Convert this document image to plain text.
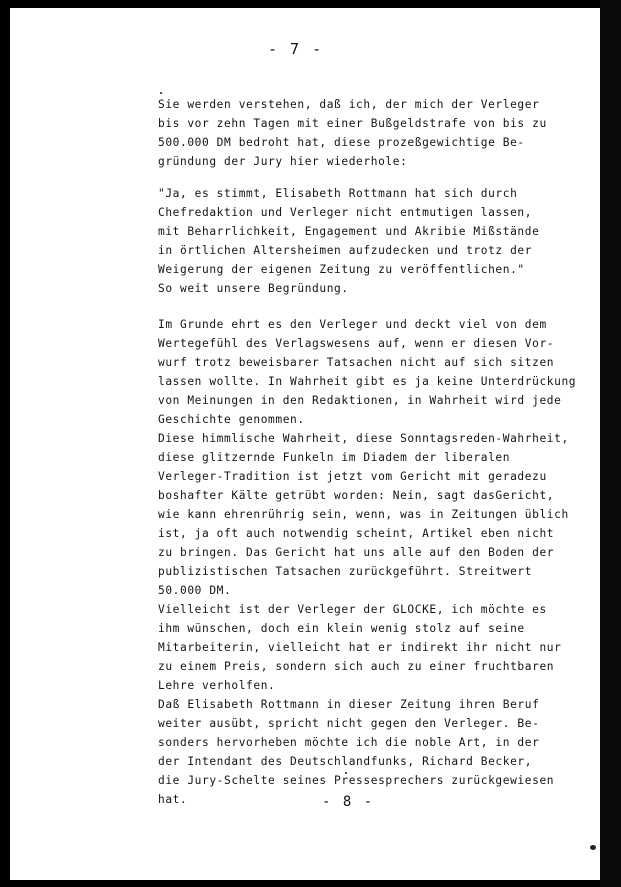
- 7 -
Sie werden verstehen, daß ich, der mich der Verleger
bis vor zehn Tagen mit einer Bußgeldstrafe von bis zu
500.000 DM bedroht hat, diese prozeßgewichtige Be-
gründung der Jury hier wiederhole:
"Ja, es stimmt, Elisabeth Rottmann hat sich durch
Chefredaktion und Verleger nicht entmutigen lassen,
mit Beharrlichkeit, Engagement und Akribie Mißstände
in örtlichen Altersheimen aufzudecken und trotz der
Weigerung der eigenen Zeitung zu veröffentlichen."
So weit unsere Begründung.
Im Grunde ehrt es den Verleger und deckt viel von dem
Wertegefühl des Verlagswesens auf, wenn er diesen Vor-
wurf trotz beweisbarer Tatsachen nicht auf sich sitzen
lassen wollte. In Wahrheit gibt es ja keine Unterdrückung
von Meinungen in den Redaktionen, in Wahrheit wird jede
Geschichte genommen.
Diese himmlische Wahrheit, diese Sonntagsreden-Wahrheit,
diese glitzernde Funkeln im Diadem der liberalen
Verleger-Tradition ist jetzt vom Gericht mit geradezu
boshafter Kälte getrübt worden: Nein, sagt dasGericht,
wie kann ehrenrührig sein, wenn, was in Zeitungen üblich
ist, ja oft auch notwendig scheint, Artikel eben nicht
zu bringen. Das Gericht hat uns alle auf den Boden der
publizistischen Tatsachen zurückgeführt. Streitwert
50.000 DM.
Vielleicht ist der Verleger der GLOCKE, ich möchte es
ihm wünschen, doch ein klein wenig stolz auf seine
Mitarbeiterin, vielleicht hat er indirekt ihr nicht nur
zu einem Preis, sondern sich auch zu einer fruchtbaren
Lehre verholfen.
Daß Elisabeth Rottmann in dieser Zeitung ihren Beruf
weiter ausübt, spricht nicht gegen den Verleger. Be-
sonders hervorheben möchte ich die noble Art, in der
der Intendant des Deutschlandfunks, Richard Becker,
die Jury-Schelte seines Pressesprechers zurückgewiesen
hat.	- 8 -
